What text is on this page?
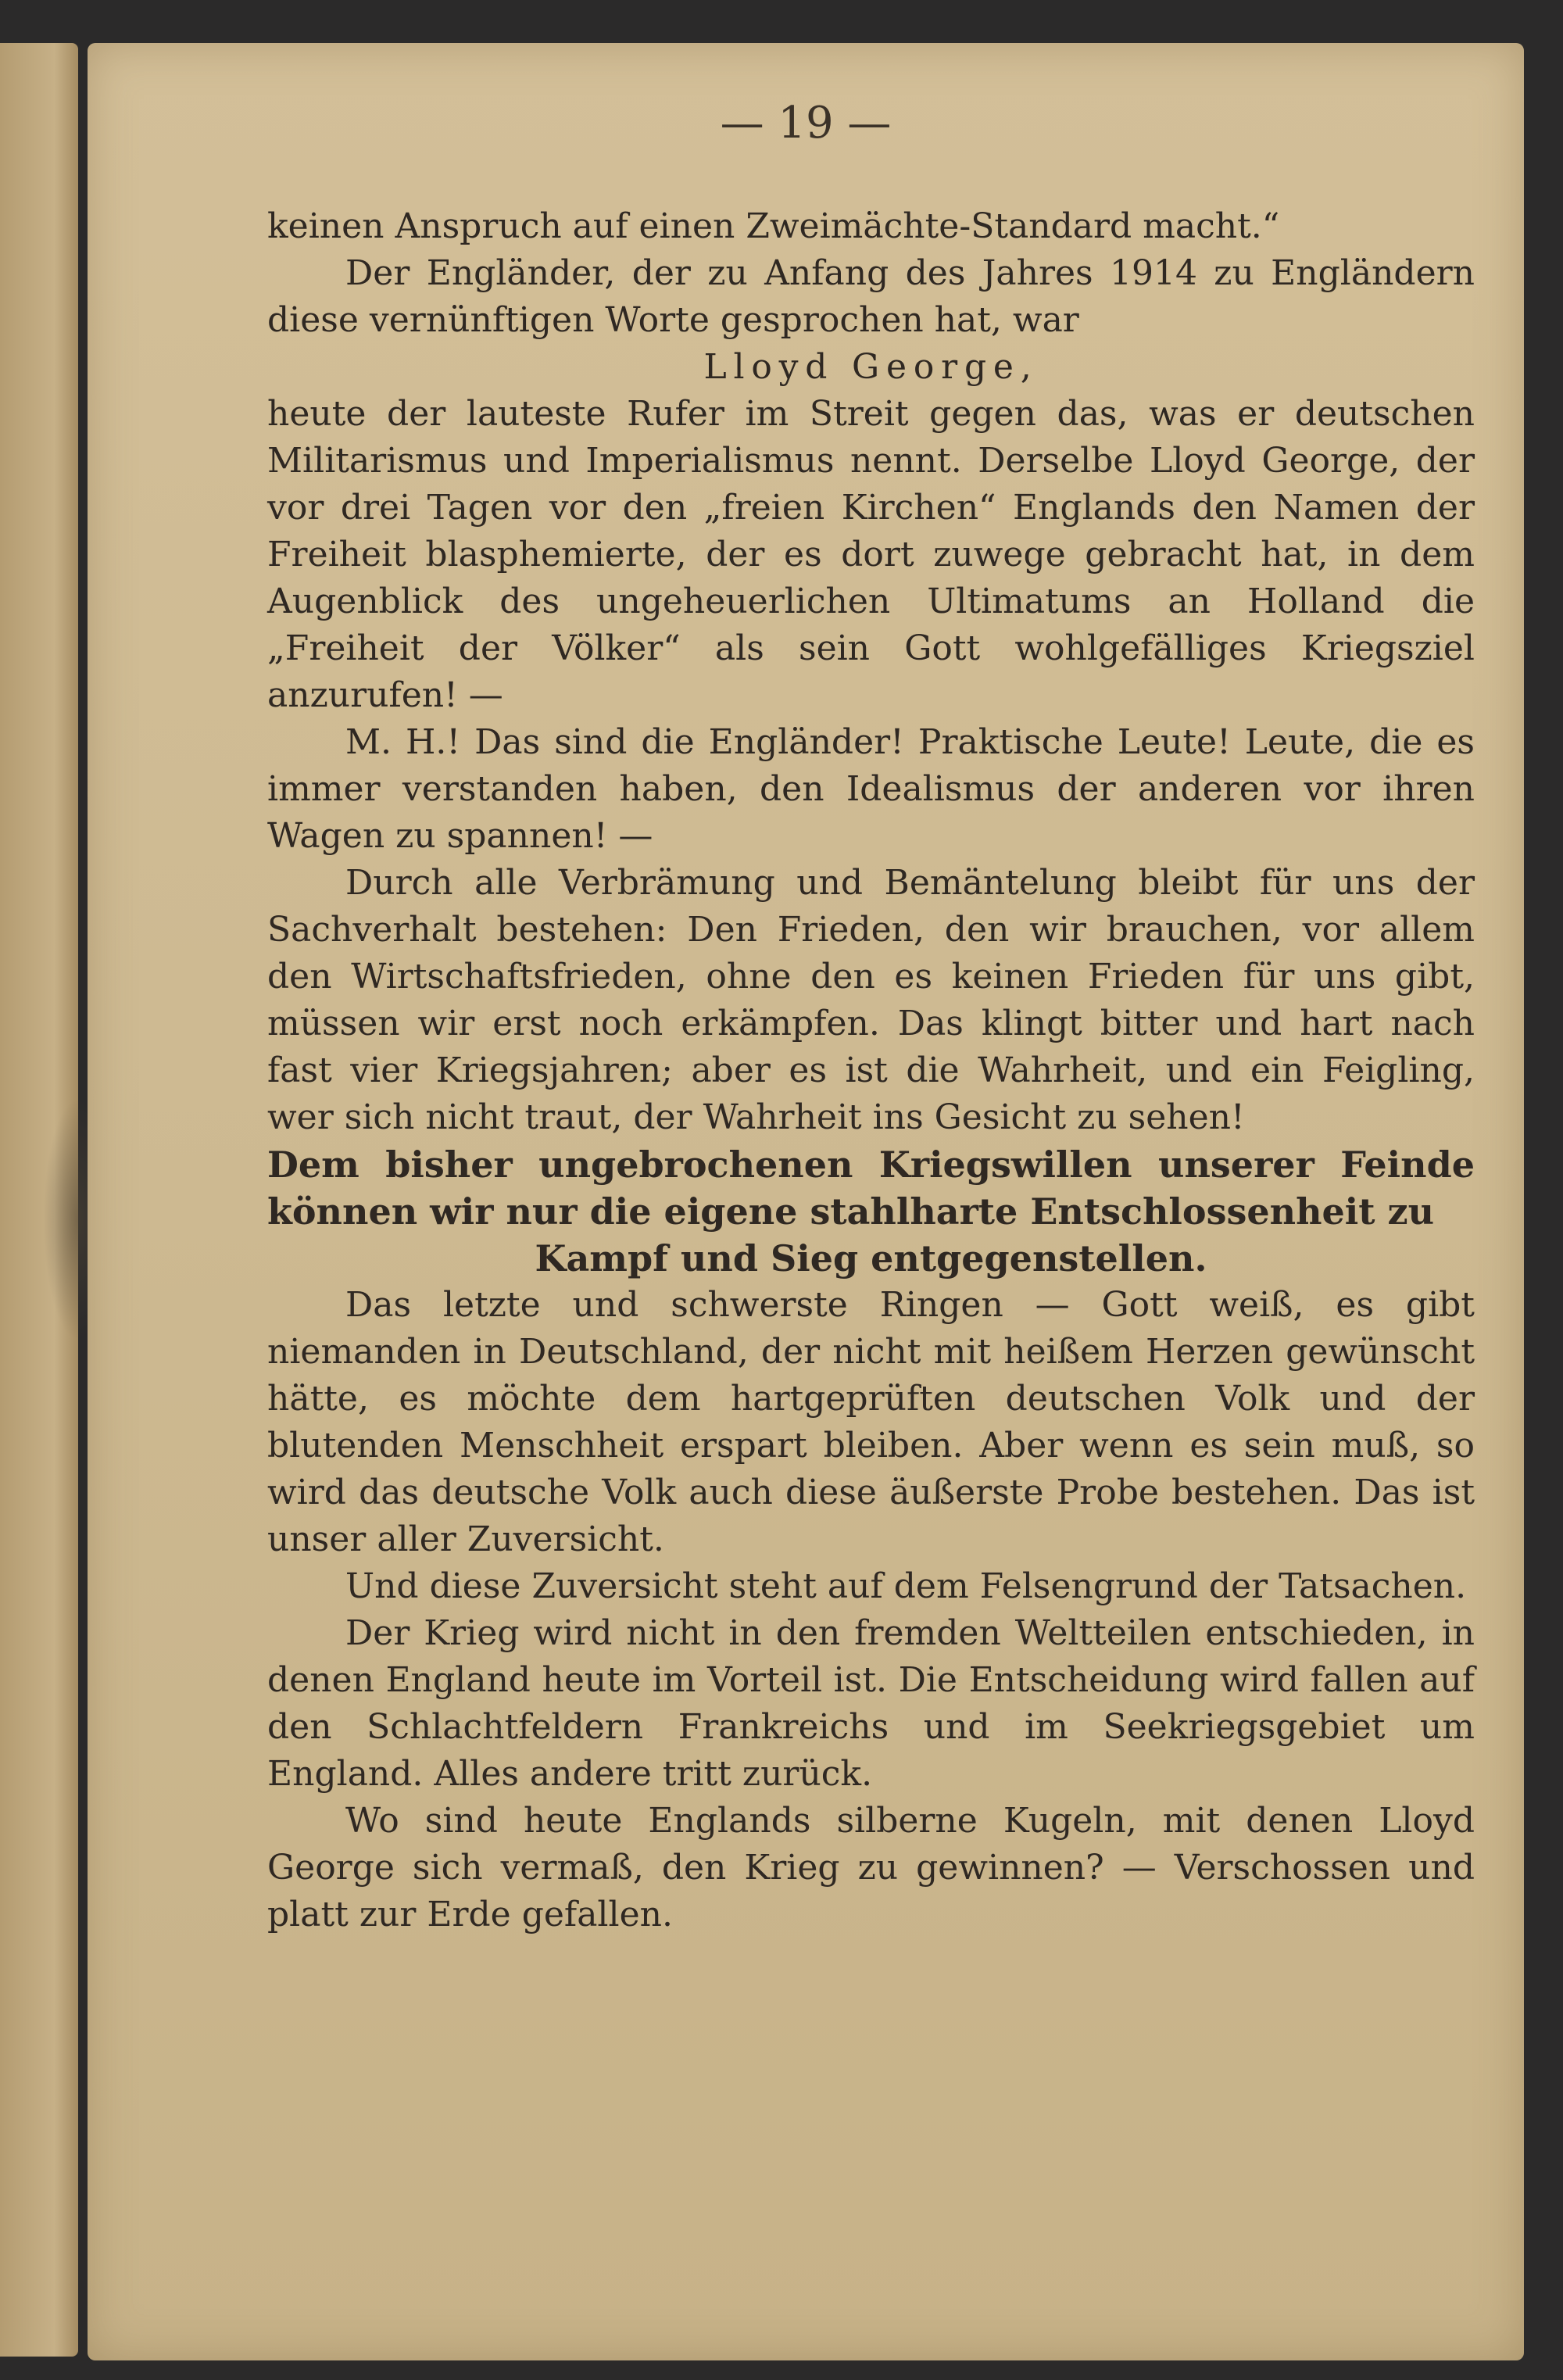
— 19 —

keinen Anspruch auf einen Zweimächte-Standard macht.“

Der Engländer, der zu Anfang des Jahres 1914 zu Engländern diese vernünftigen Worte gesprochen hat, war

Lloyd George,

heute der lauteste Rufer im Streit gegen das, was er deutschen Militarismus und Imperialismus nennt. Derselbe Lloyd George, der vor drei Tagen vor den „freien Kirchen“ Englands den Namen der Freiheit blasphemierte, der es dort zuwege gebracht hat, in dem Augenblick des ungeheuerlichen Ultimatums an Holland die „Freiheit der Völker“ als sein Gott wohlgefälliges Kriegsziel anzurufen! —

M. H.! Das sind die Engländer! Praktische Leute! Leute, die es immer verstanden haben, den Idealismus der anderen vor ihren Wagen zu spannen! —

Durch alle Verbrämung und Bemäntelung bleibt für uns der Sachverhalt bestehen: Den Frieden, den wir brauchen, vor allem den Wirtschaftsfrieden, ohne den es keinen Frieden für uns gibt, müssen wir erst noch erkämpfen. Das klingt bitter und hart nach fast vier Kriegsjahren; aber es ist die Wahrheit, und ein Feigling, wer sich nicht traut, der Wahrheit ins Gesicht zu sehen!

Dem bisher ungebrochenen Kriegswillen unserer Feinde können wir nur die eigene stahlharte Entschlossenheit zu

Kampf und Sieg entgegenstellen.

Das letzte und schwerste Ringen — Gott weiß, es gibt niemanden in Deutschland, der nicht mit heißem Herzen gewünscht hätte, es möchte dem hartgeprüften deutschen Volk und der blutenden Menschheit erspart bleiben. Aber wenn es sein muß, so wird das deutsche Volk auch diese äußerste Probe bestehen. Das ist unser aller Zuversicht.

Und diese Zuversicht steht auf dem Felsengrund der Tatsachen.

Der Krieg wird nicht in den fremden Weltteilen entschieden, in denen England heute im Vorteil ist. Die Entscheidung wird fallen auf den Schlachtfeldern Frankreichs und im Seekriegsgebiet um England. Alles andere tritt zurück.

Wo sind heute Englands silberne Kugeln, mit denen Lloyd George sich vermaß, den Krieg zu gewinnen? — Verschossen und platt zur Erde gefallen.
